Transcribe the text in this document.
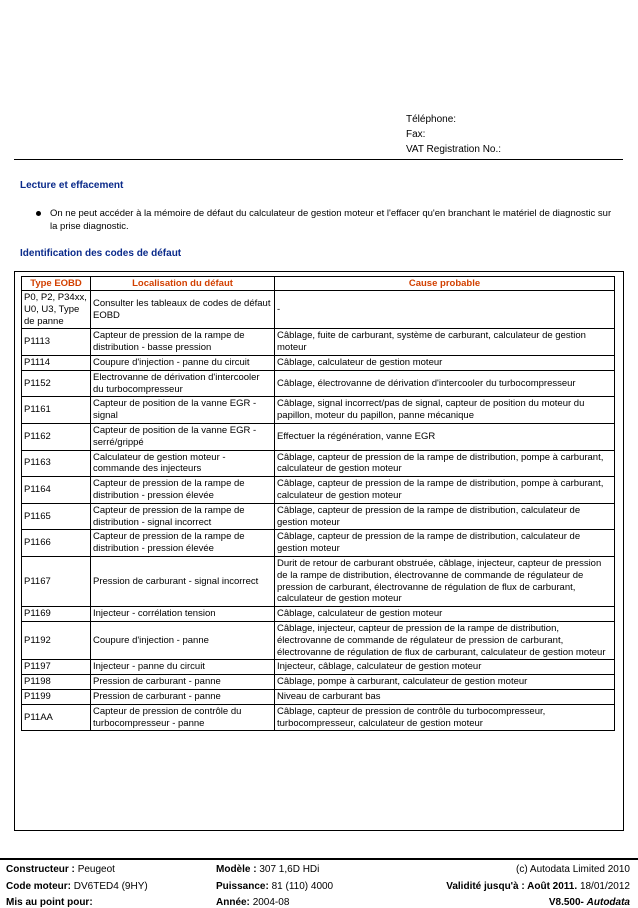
Téléphone:
Fax:
VAT Registration No.:
Lecture et effacement
On ne peut accéder à la mémoire de défaut du calculateur de gestion moteur et l'effacer qu'en branchant le matériel de diagnostic sur la prise diagnostic.
Identification des codes de défaut
Type EOBD	Localisation du défaut	Cause probable
P0, P2, P34xx, U0, U3, Type de panne	Consulter les tableaux de codes de défaut EOBD	-
P1113	Capteur de pression de la rampe de distribution - basse pression	Câblage, fuite de carburant, système de carburant, calculateur de gestion moteur
P1114	Coupure d'injection - panne du circuit	Câblage, calculateur de gestion moteur
P1152	Electrovanne de dérivation d'intercooler du turbocompresseur	Câblage, électrovanne de dérivation d'intercooler du turbocompresseur
P1161	Capteur de position de la vanne EGR - signal	Câblage, signal incorrect/pas de signal, capteur de position du moteur du papillon, moteur du papillon, panne mécanique
P1162	Capteur de position de la vanne EGR - serré/grippé	Effectuer la régénération, vanne EGR
P1163	Calculateur de gestion moteur - commande des injecteurs	Câblage, capteur de pression de la rampe de distribution, pompe à carburant, calculateur de gestion moteur
P1164	Capteur de pression de la rampe de distribution - pression élevée	Câblage, capteur de pression de la rampe de distribution, pompe à carburant, calculateur de gestion moteur
P1165	Capteur de pression de la rampe de distribution - signal incorrect	Câblage, capteur de pression de la rampe de distribution, calculateur de gestion moteur
P1166	Capteur de pression de la rampe de distribution - pression élevée	Câblage, capteur de pression de la rampe de distribution, calculateur de gestion moteur
P1167	Pression de carburant - signal incorrect	Durit de retour de carburant obstruée, câblage, injecteur, capteur de pression de la rampe de distribution, électrovanne de commande de régulateur de pression de carburant, électrovanne de régulation de flux de carburant, calculateur de gestion moteur
P1169	Injecteur - corrélation tension	Câblage, calculateur de gestion moteur
P1192	Coupure d'injection - panne	Câblage, injecteur, capteur de pression de la rampe de distribution, électrovanne de commande de régulateur de pression de carburant, électrovanne de régulation de flux de carburant, calculateur de gestion moteur
P1197	Injecteur - panne du circuit	Injecteur, câblage, calculateur de gestion moteur
P1198	Pression de carburant - panne	Câblage, pompe à carburant, calculateur de gestion moteur
P1199	Pression de carburant - panne	Niveau de carburant bas
P11AA	Capteur de pression de contrôle du turbocompresseur - panne	Câblage, capteur de pression de contrôle du turbocompresseur, turbocompresseur, calculateur de gestion moteur
Constructeur : Peugeot	Modèle : 307 1,6D HDi	(c) Autodata Limited 2010
Code moteur: DV6TED4 (9HY)	Puissance: 81 (110) 4000	Validité jusqu'à : Août 2011. 18/01/2012
Mis au point pour:	Année: 2004-08	V8.500- Autodata
